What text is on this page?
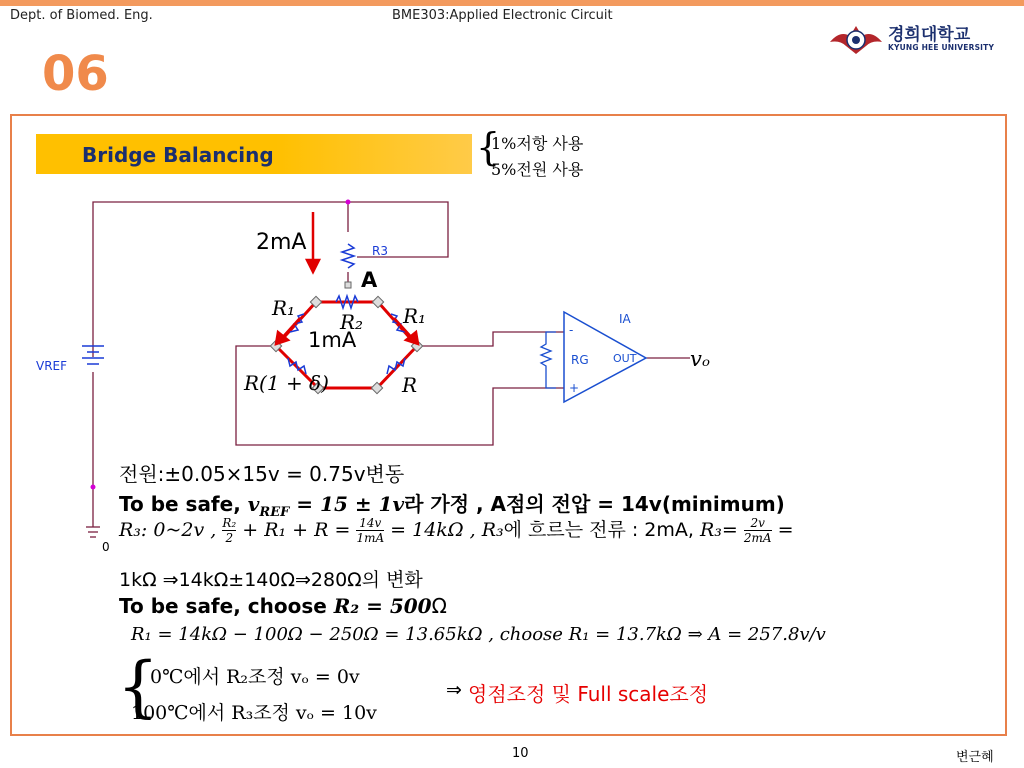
Dept. of Biomed. Eng.	BME303:Applied Electronic Circuit
경희대학교
KYUNG HEE UNIVERSITY
06
Bridge Balancing	{
1%저항 사용
5%전원 사용
2mA	R3
A
R₁
R₂ R₁
1mA
R(1 + δ)	R
VREF
IA
RG OUT
-
+
vₒ
0
전원:±0.05×15v = 0.75v변동
To be safe, $v_{REF} = 15 \pm 1v$라 가정 , A점의 전압 = 14v(minimum)
R₃: 0~2v , $\frac{\text{R₂}}{2} + R_1 + R = \frac{14v}{1mA} = 14k\Omega$ , R₃에 흐르는 전류 : 2mA, $R_3= \frac{2v}{2mA}$ =
1kΩ ⇒14kΩ±140Ω⇒280Ω의 변화
To be safe, choose R₂ = 500Ω
R₁ = 14kΩ − 100Ω − 250Ω = 13.65kΩ , choose R₁ = 13.7kΩ ⇒ A = 257.8v/v
{
0℃에서 R₂조정 vₒ = 0v
100℃에서 R₃조정 vₒ = 10v
⇒ 영점조정 및 Full scale조정
10	변근혜
